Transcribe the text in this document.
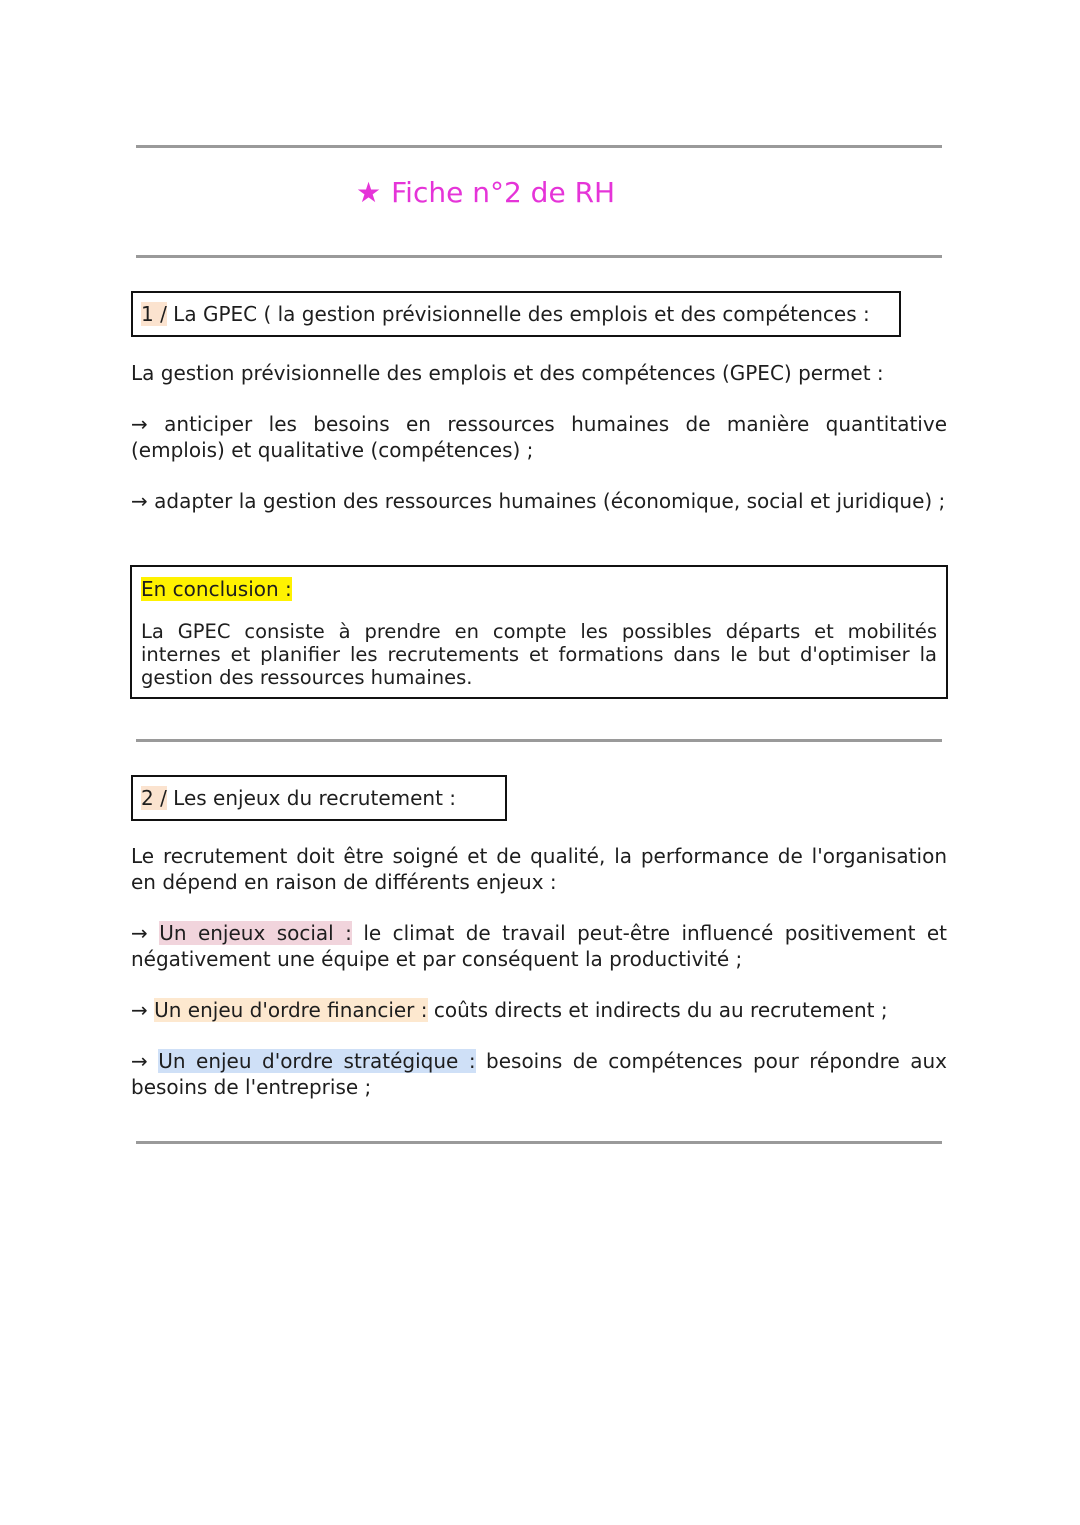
★ Fiche n°2 de RH
1 / La GPEC ( la gestion prévisionnelle des emplois et des compétences :
La gestion prévisionnelle des emplois et des compétences (GPEC) permet :
→ anticiper les besoins en ressources humaines de manière quantitative (emplois) et qualitative (compétences) ;
→ adapter la gestion des ressources humaines (économique, social et juridique) ;
En conclusion :
La GPEC consiste à prendre en compte les possibles départs et mobilités internes et planifier les recrutements et formations dans le but d'optimiser la gestion des ressources humaines.
2 / Les enjeux du recrutement :
Le recrutement doit être soigné et de qualité, la performance de l'organisation en dépend en raison de différents enjeux :
→ Un enjeux social : le climat de travail peut-être influencé positivement et négativement une équipe et par conséquent la productivité ;
→ Un enjeu d'ordre financier : coûts directs et indirects du au recrutement ;
→ Un enjeu d'ordre stratégique : besoins de compétences pour répondre aux besoins de l'entreprise ;
